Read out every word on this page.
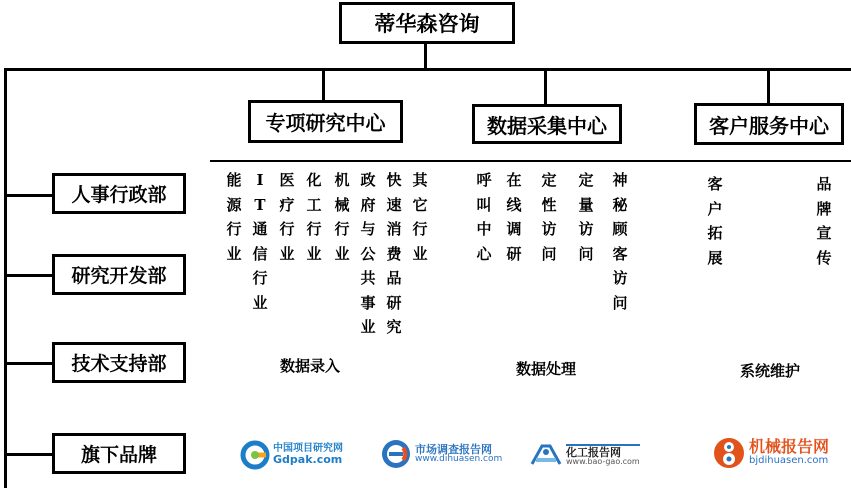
蒂华森咨询
专项研究中心	数据采集中心	客户服务中心
人事行政部
研究开发部
技术支持部
旗下品牌
能源行业
IT通信行业
医疗行业
化工行业
机械行业
政府与公共事业
快速消费品研究
其它行业
呼叫中心
在线调研
定性访问
定量访问
神秘顾客访问
客户拓展
品牌宣传
数据录入	数据处理	系统维护
中国项目研究网
Gdpak.com
市场调查报告网
www.dihuasen.com
化工报告网
www.bao-gao.com
机械报告网
bjdihuasen.com
